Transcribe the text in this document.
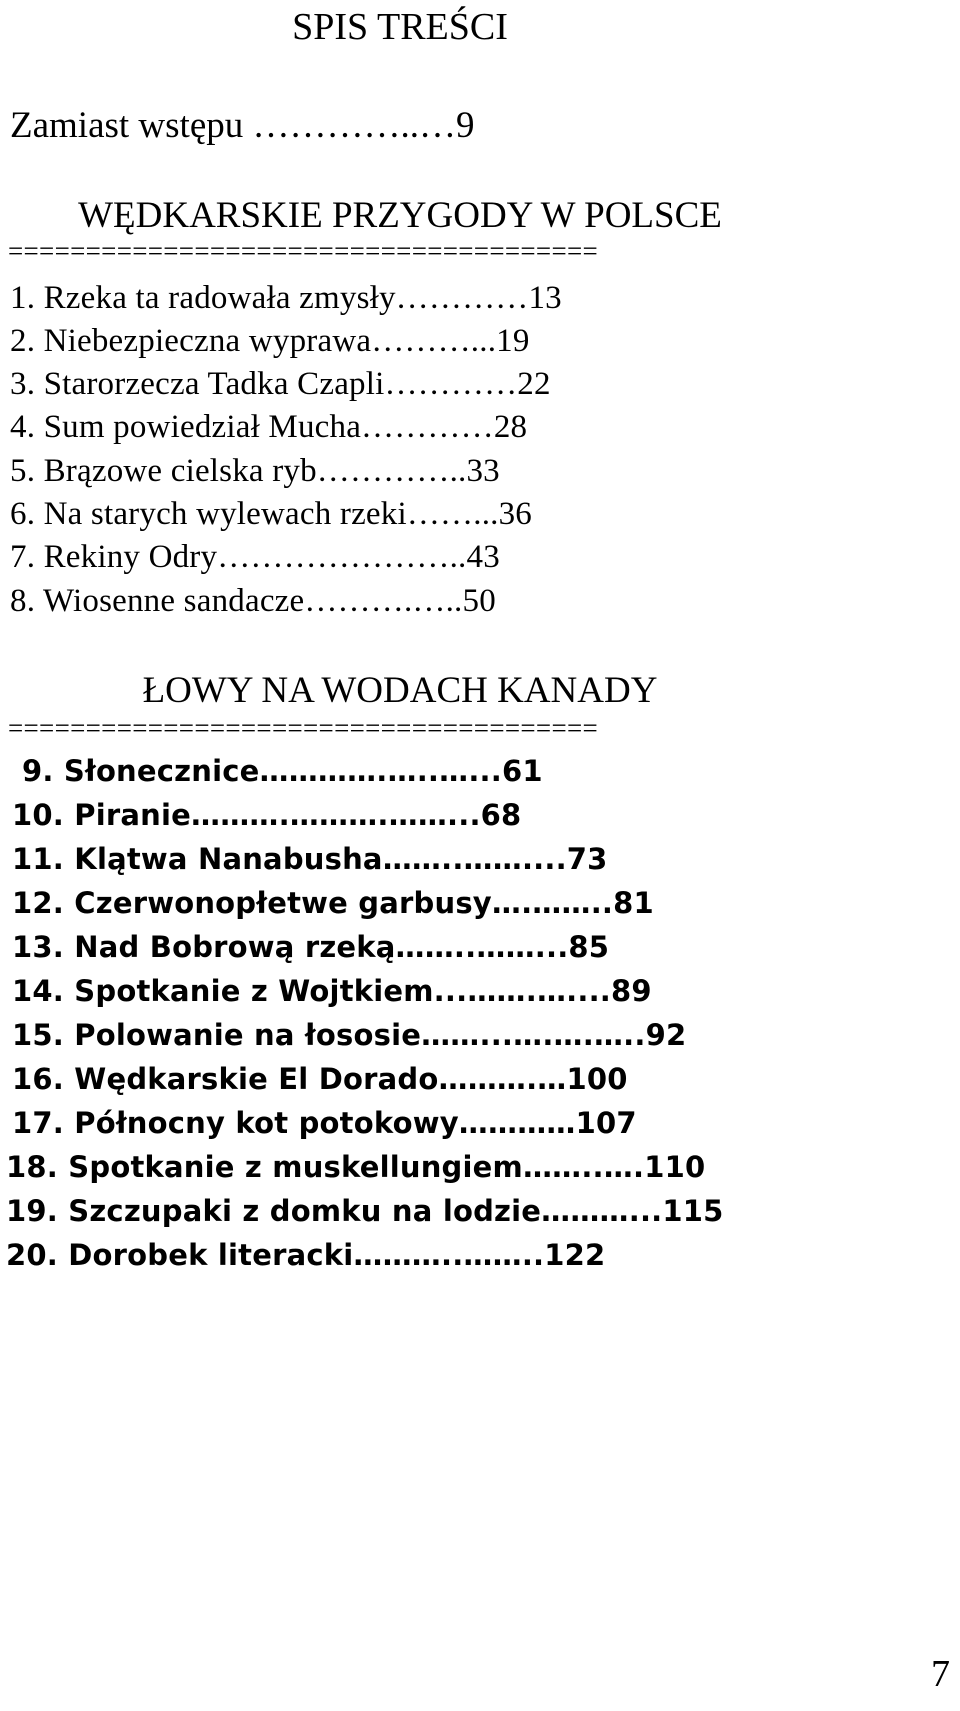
SPIS TREŚCI
Zamiast wstępu …………..…9
WĘDKARSKIE PRZYGODY W POLSCE
======================================
1. Rzeka ta radowała zmysły…………13
2. Niebezpieczna wyprawa………...19
3. Starorzecza Tadka Czapli…………22
4. Sum powiedział Mucha…………28
5. Brązowe cielska ryb…………..33
6. Na starych wylewach rzeki……...36
7. Rekiny Odry…………………..43
8. Wiosenne sandacze……….…..50
ŁOWY NA WODACH KANADY
======================================
9. Słonecznice………….…..…...61
10. Piranie……….……….……...68
11. Klątwa Nanabusha……..……....73
12. Czerwonopłetwe garbusy….……..81
13. Nad Bobrową rzeką……..……...85
14. Spotkanie z Wojtkiem...…….…....89
15. Polowanie na łososie……...….….…..92
16. Wędkarskie El Dorado……….…100
17. Północny kot potokowy…………107
18. Spotkanie z muskellungiem……..….110
19. Szczupaki z domku na lodzie………...115
20. Dorobek literacki………..……..122
7
